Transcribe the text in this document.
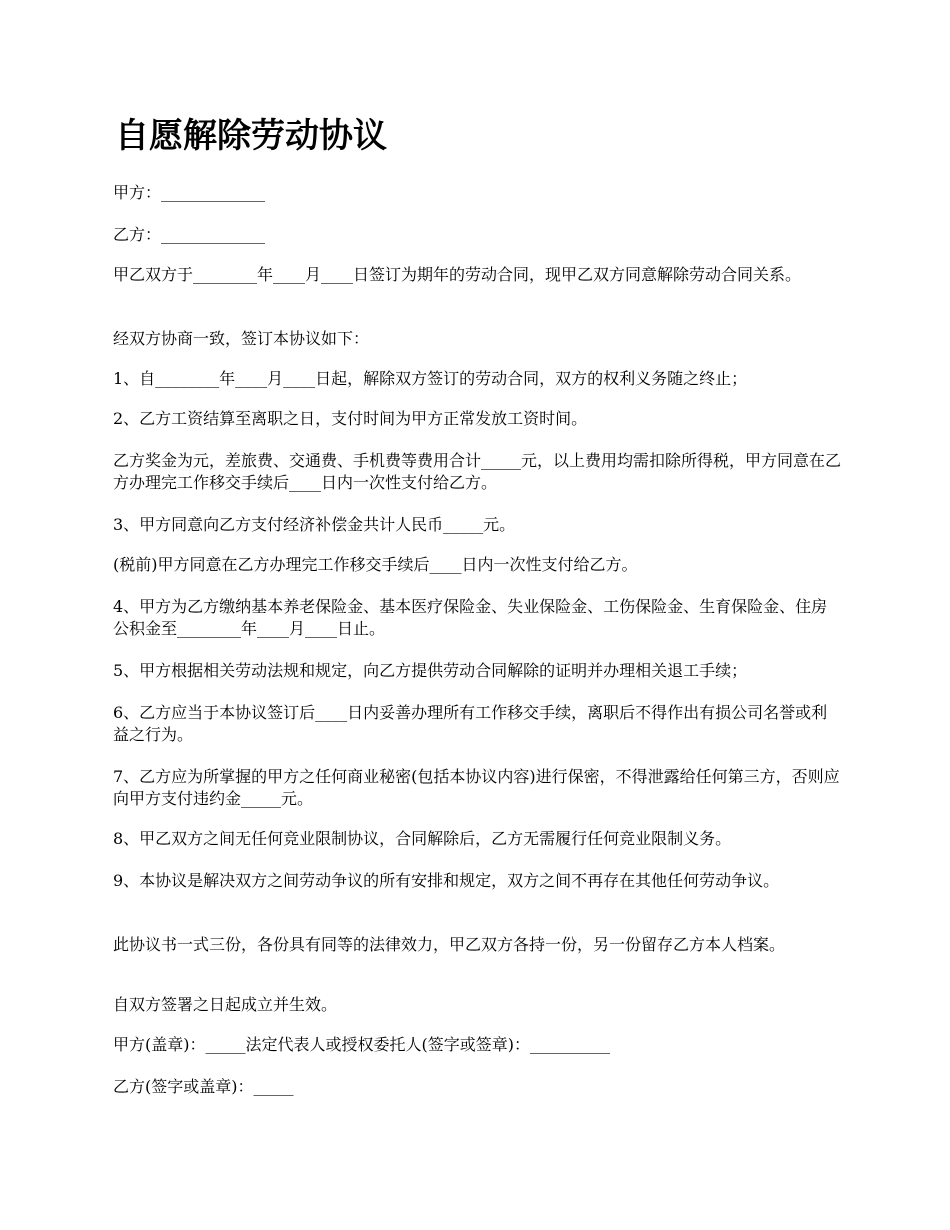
自愿解除劳动协议

甲方：_____________

乙方：_____________

甲乙双方于________年____月____日签订为期年的劳动合同，现甲乙双方同意解除劳动合同关系。

经双方协商一致，签订本协议如下：

1、自________年____月____日起，解除双方签订的劳动合同，双方的权利义务随之终止；

2、乙方工资结算至离职之日，支付时间为甲方正常发放工资时间。

乙方奖金为元，差旅费、交通费、手机费等费用合计_____元，以上费用均需扣除所得税，甲方同意在乙方办理完工作移交手续后____日内一次性支付给乙方。

3、甲方同意向乙方支付经济补偿金共计人民币_____元。

(税前)甲方同意在乙方办理完工作移交手续后____日内一次性支付给乙方。

4、甲方为乙方缴纳基本养老保险金、基本医疗保险金、失业保险金、工伤保险金、生育保险金、住房公积金至________年____月____日止。

5、甲方根据相关劳动法规和规定，向乙方提供劳动合同解除的证明并办理相关退工手续；

6、乙方应当于本协议签订后____日内妥善办理所有工作移交手续，离职后不得作出有损公司名誉或利益之行为。

7、乙方应为所掌握的甲方之任何商业秘密(包括本协议内容)进行保密，不得泄露给任何第三方，否则应向甲方支付违约金_____元。

8、甲乙双方之间无任何竞业限制协议，合同解除后，乙方无需履行任何竞业限制义务。

9、本协议是解决双方之间劳动争议的所有安排和规定，双方之间不再存在其他任何劳动争议。

此协议书一式三份，各份具有同等的法律效力，甲乙双方各持一份，另一份留存乙方本人档案。

自双方签署之日起成立并生效。

甲方(盖章)：_____法定代表人或授权委托人(签字或签章)：__________

乙方(签字或盖章)：_____
